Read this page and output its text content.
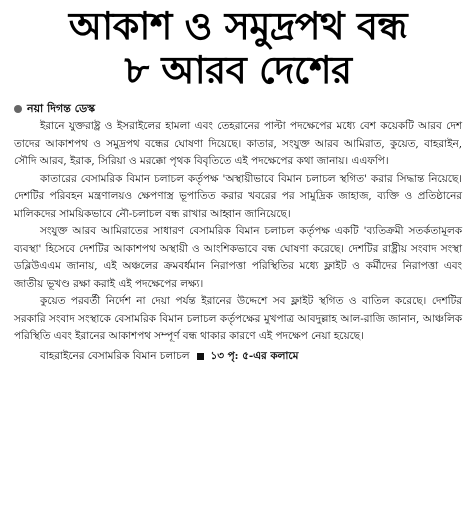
আকাশ ও সমুদ্রপথ বন্ধ
৮ আরব দেশের
নয়া দিগন্ত ডেস্ক

ইরানে যুক্তরাষ্ট্র ও ইসরাইলের হামলা এবং তেহরানের পাল্টা পদক্ষেপের মধ্যে বেশ কয়েকটি আরব দেশ তাদের আকাশপথ ও সমুদ্রপথ বন্ধের ঘোষণা দিয়েছে। কাতার, সংযুক্ত আরব আমিরাত, কুয়েত, বাহরাইন, সৌদি আরব, ইরাক, সিরিয়া ও মরক্কো পৃথক বিবৃতিতে এই পদক্ষেপের কথা জানায়। এএফপি।

কাতারের বেসামরিক বিমান চলাচল কর্তৃপক্ষ 'অস্থায়ীভাবে বিমান চলাচল স্থগিত' করার সিদ্ধান্ত নিয়েছে। দেশটির পরিবহন মন্ত্রণালয়ও ক্ষেপণাস্ত্র ভূপাতিত করার খবরের পর সামুদ্রিক জাহাজ, ব্যক্তি ও প্রতিষ্ঠানের মালিকদের সাময়িকভাবে নৌ-চলাচল বন্ধ রাখার আহ্বান জানিয়েছে।

সংযুক্ত আরব আমিরাতের সাধারণ বেসামরিক বিমান চলাচল কর্তৃপক্ষ একটি 'ব্যতিক্রমী সতর্কতামূলক ব্যবস্থা' হিসেবে দেশটির আকাশপথ অস্থায়ী ও আংশিকভাবে বন্ধ ঘোষণা করেছে। দেশটির রাষ্ট্রীয় সংবাদ সংস্থা ডব্লিউএএম জানায়, এই অঞ্চলের ক্রমবর্ধমান নিরাপত্তা পরিস্থিতির মধ্যে ফ্লাইট ও কর্মীদের নিরাপত্তা এবং জাতীয় ভূখণ্ড রক্ষা করাই এই পদক্ষেপের লক্ষ্য।

কুয়েত পরবর্তী নির্দেশ না দেয়া পর্যন্ত ইরানের উদ্দেশে সব ফ্লাইট স্থগিত ও বাতিল করেছে। দেশটির সরকারি সংবাদ সংস্থাকে বেসামরিক বিমান চলাচল কর্তৃপক্ষের মুখপাত্র আবদুল্লাহ আল-রাজি জানান, আঞ্চলিক পরিস্থিতি এবং ইরানের আকাশপথ সম্পূর্ণ বন্ধ থাকার কারণে এই পদক্ষেপ নেয়া হয়েছে।

বাহরাইনের বেসামরিক বিমান চলাচল ১৩ পৃ: ৫-এর কলামে
